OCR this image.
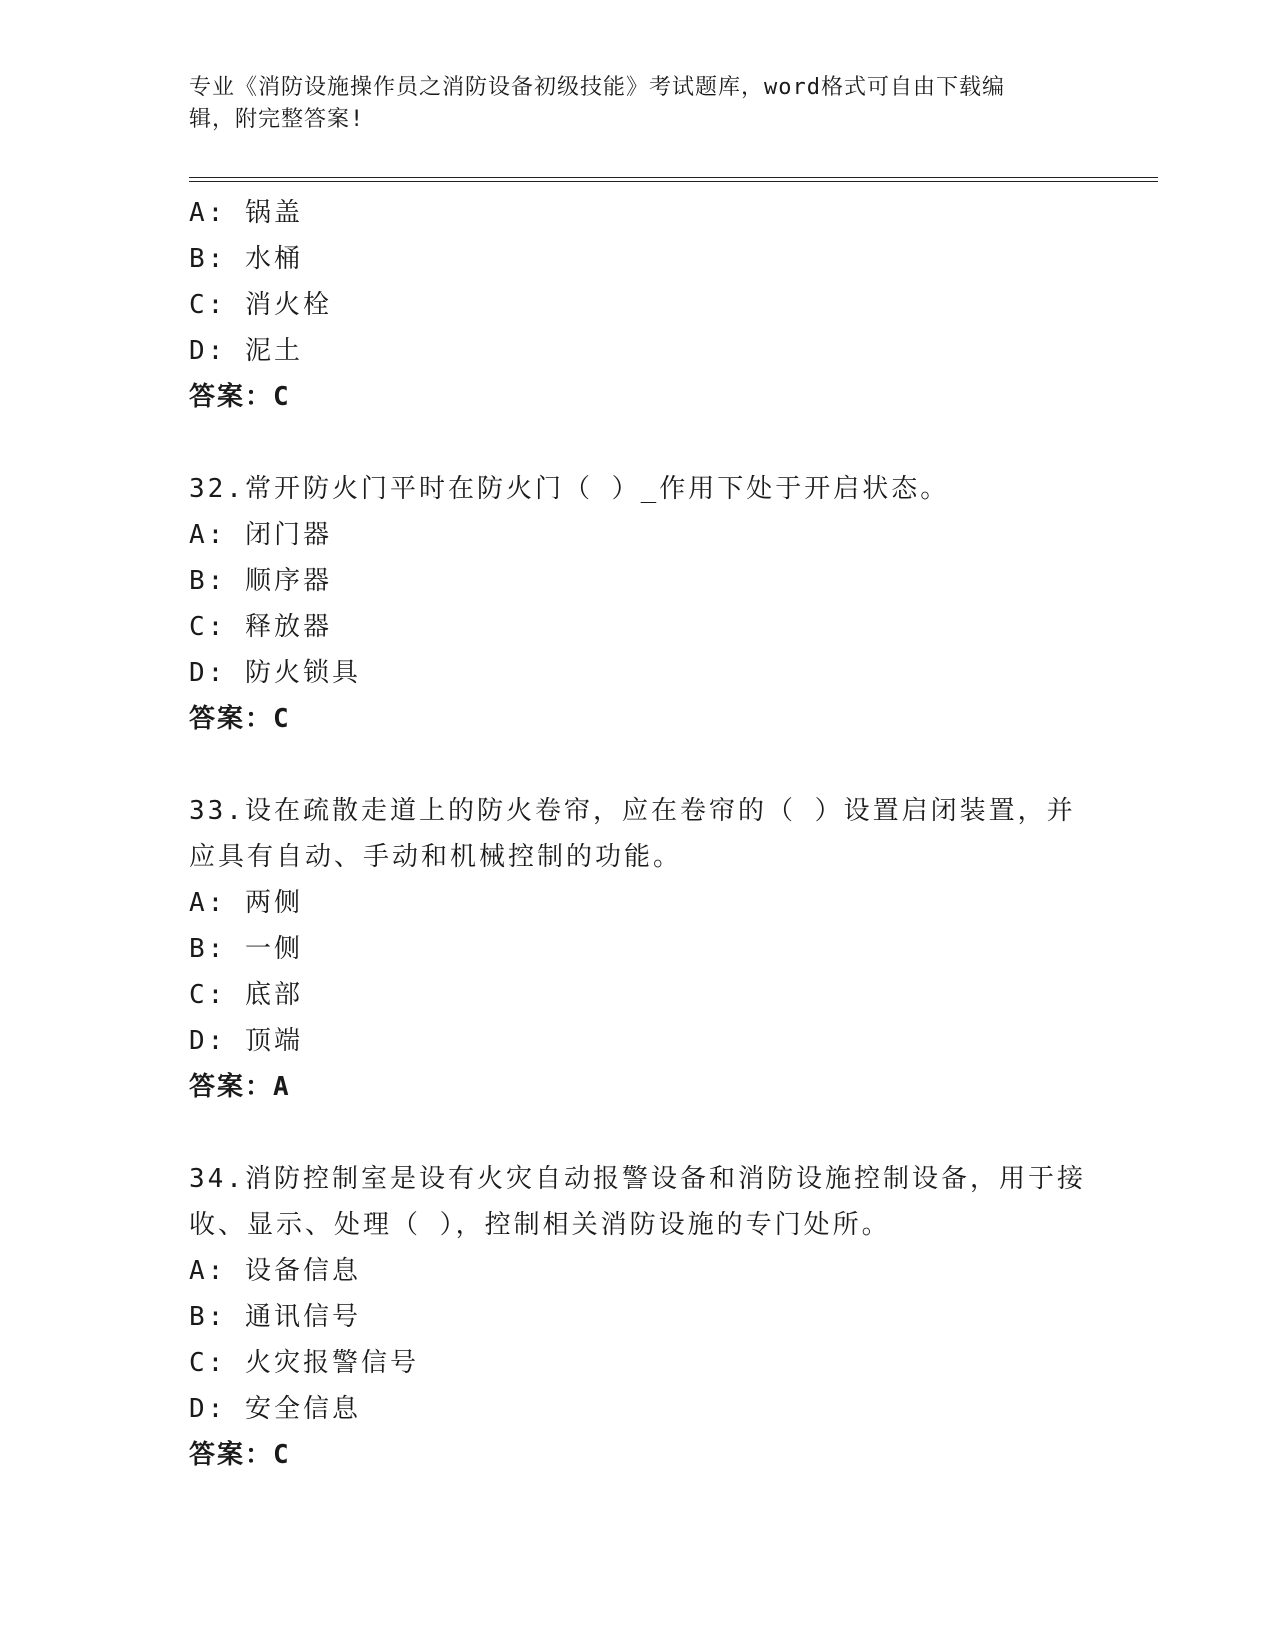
专业《消防设施操作员之消防设备初级技能》考试题库，word格式可自由下载编
辑，附完整答案!
A: 锅盖
B: 水桶
C: 消火栓
D: 泥土
答案：C
32.常开防火门平时在防火门（ ）_作用下处于开启状态。
A: 闭门器
B: 顺序器
C: 释放器
D: 防火锁具
答案：C
33.设在疏散走道上的防火卷帘，应在卷帘的（ ）设置启闭装置，并
应具有自动、手动和机械控制的功能。
A: 两侧
B: 一侧
C: 底部
D: 顶端
答案：A
34.消防控制室是设有火灾自动报警设备和消防设施控制设备，用于接
收、显示、处理（ ），控制相关消防设施的专门处所。
A: 设备信息
B: 通讯信号
C: 火灾报警信号
D: 安全信息
答案：C
